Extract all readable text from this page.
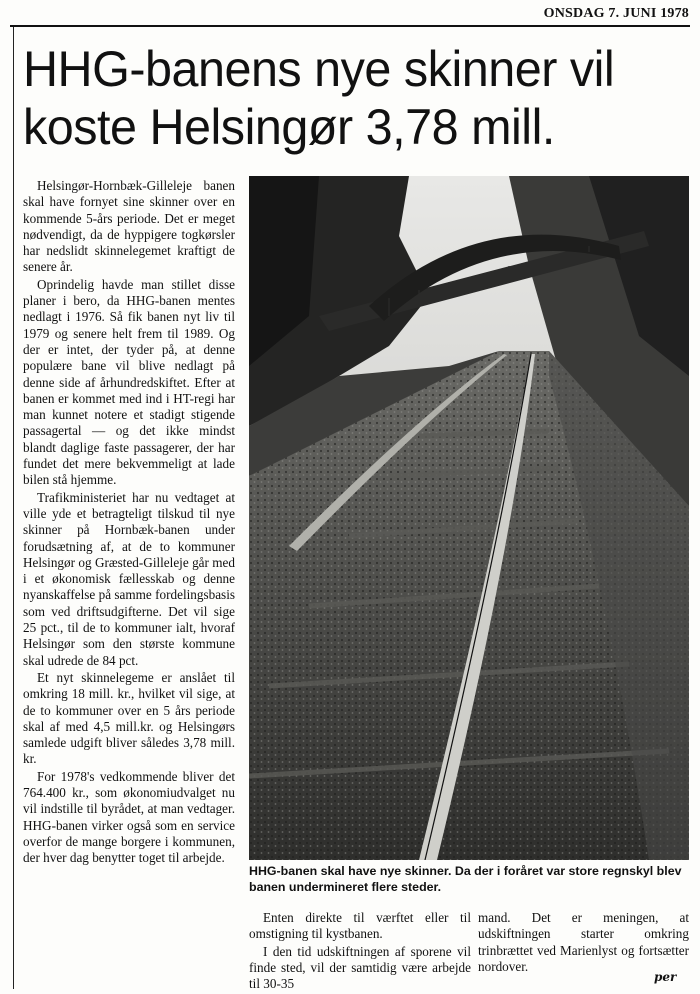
ONSDAG 7. JUNI 1978
HHG-banens nye skinner vil koste Helsingør 3,78 mill.

Helsingør-Hornbæk-Gilleleje banen skal have fornyet sine skinner over en kommende 5-års periode. Det er meget nødvendigt, da de hyppigere togkørsler har nedslidt skinnelegemet kraftigt de senere år.

Oprindelig havde man stillet disse planer i bero, da HHG-banen mentes nedlagt i 1976. Så fik banen nyt liv til 1979 og senere helt frem til 1989. Og der er intet, der tyder på, at denne populære bane vil blive nedlagt på denne side af århundredskiftet. Efter at banen er kommet med ind i HT-regi har man kunnet notere et stadigt stigende passagertal — og det ikke mindst blandt daglige faste passagerer, der har fundet det mere bekvemmeligt at lade bilen stå hjemme.

Trafikministeriet har nu vedtaget at ville yde et betragteligt tilskud til nye skinner på Hornbæk-banen under forudsætning af, at de to kommuner Helsingør og Græsted-Gilleleje går med i et økonomisk fællesskab og denne nyanskaffelse på samme fordelingsbasis som ved driftsudgifterne. Det vil sige 25 pct., til de to kommuner ialt, hvoraf Helsingør som den største kommune skal udrede de 84 pct.

Et nyt skinnelegeme er anslået til omkring 18 mill. kr., hvilket vil sige, at de to kommuner over en 5 års periode skal af med 4,5 mill.kr. og Helsingørs samlede udgift bliver således 3,78 mill. kr.

For 1978's vedkommende bliver det 764.400 kr., som økonomiudvalget nu vil indstille til byrådet, at man vedtager. HHG-banen virker også som en service overfor de mange borgere i kommunen, der hver dag benytter toget til arbejde.

HHG-banen skal have nye skinner. Da der i foråret var store regnskyl blev banen undermineret flere steder.

Enten direkte til værftet eller til omstigning til kystbanen.

I den tid udskiftningen af sporene vil finde sted, vil der samtidig være arbejde til 30-35

mand. Det er meningen, at udskiftningen starter omkring trinbrættet ved Marienlyst og fortsætter nordover.

per
